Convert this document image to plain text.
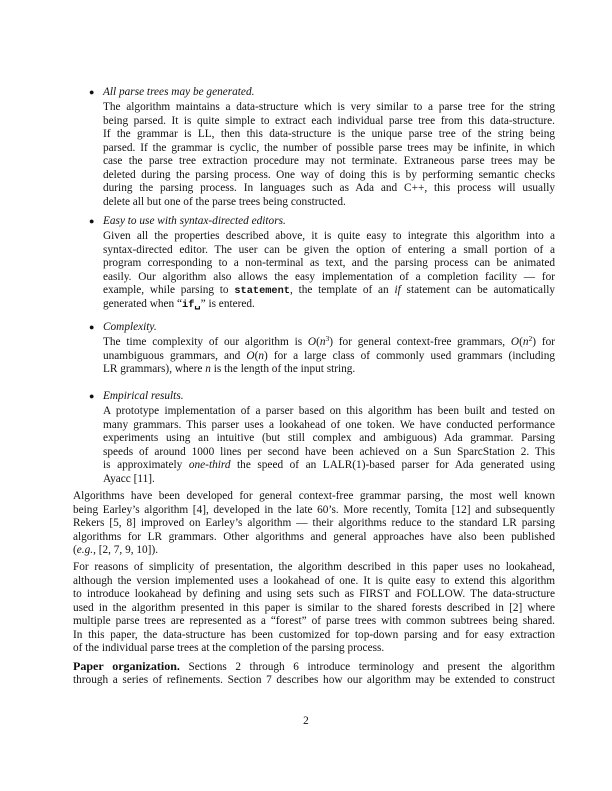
● All parse trees may be generated.
The algorithm maintains a data-structure which is very similar to a parse tree for the string
being parsed. It is quite simple to extract each individual parse tree from this data-structure.
If the grammar is LL, then this data-structure is the unique parse tree of the string being
parsed. If the grammar is cyclic, the number of possible parse trees may be infinite, in which
case the parse tree extraction procedure may not terminate. Extraneous parse trees may be
deleted during the parsing process. One way of doing this is by performing semantic checks
during the parsing process. In languages such as Ada and C++, this process will usually
delete all but one of the parse trees being constructed.
● Easy to use with syntax-directed editors.
Given all the properties described above, it is quite easy to integrate this algorithm into a
syntax-directed editor. The user can be given the option of entering a small portion of a
program corresponding to a non-terminal as text, and the parsing process can be animated
easily. Our algorithm also allows the easy implementation of a completion facility — for
example, while parsing to statement, the template of an if statement can be automatically
generated when “if␣” is entered.
● Complexity.
The time complexity of our algorithm is $O(n^3)$ for general context-free grammars, $O(n^2)$ for
unambiguous grammars, and O(n) for a large class of commonly used grammars (including
LR grammars), where n is the length of the input string.
● Empirical results.
A prototype implementation of a parser based on this algorithm has been built and tested on
many grammars. This parser uses a lookahead of one token. We have conducted performance
experiments using an intuitive (but still complex and ambiguous) Ada grammar. Parsing
speeds of around 1000 lines per second have been achieved on a Sun SparcStation 2. This
is approximately one-third the speed of an LALR(1)-based parser for Ada generated using
Ayacc [11].
Algorithms have been developed for general context-free grammar parsing, the most well known
being Earley’s algorithm [4], developed in the late 60’s. More recently, Tomita [12] and subsequently
Rekers [5, 8] improved on Earley’s algorithm — their algorithms reduce to the standard LR parsing
algorithms for LR grammars. Other algorithms and general approaches have also been published
(e.g., [2, 7, 9, 10]).
For reasons of simplicity of presentation, the algorithm described in this paper uses no lookahead,
although the version implemented uses a lookahead of one. It is quite easy to extend this algorithm
to introduce lookahead by defining and using sets such as FIRST and FOLLOW. The data-structure
used in the algorithm presented in this paper is similar to the shared forests described in [2] where
multiple parse trees are represented as a “forest” of parse trees with common subtrees being shared.
In this paper, the data-structure has been customized for top-down parsing and for easy extraction
of the individual parse trees at the completion of the parsing process.
Paper organization. Sections 2 through 6 introduce terminology and present the algorithm
through a series of refinements. Section 7 describes how our algorithm may be extended to construct
2
